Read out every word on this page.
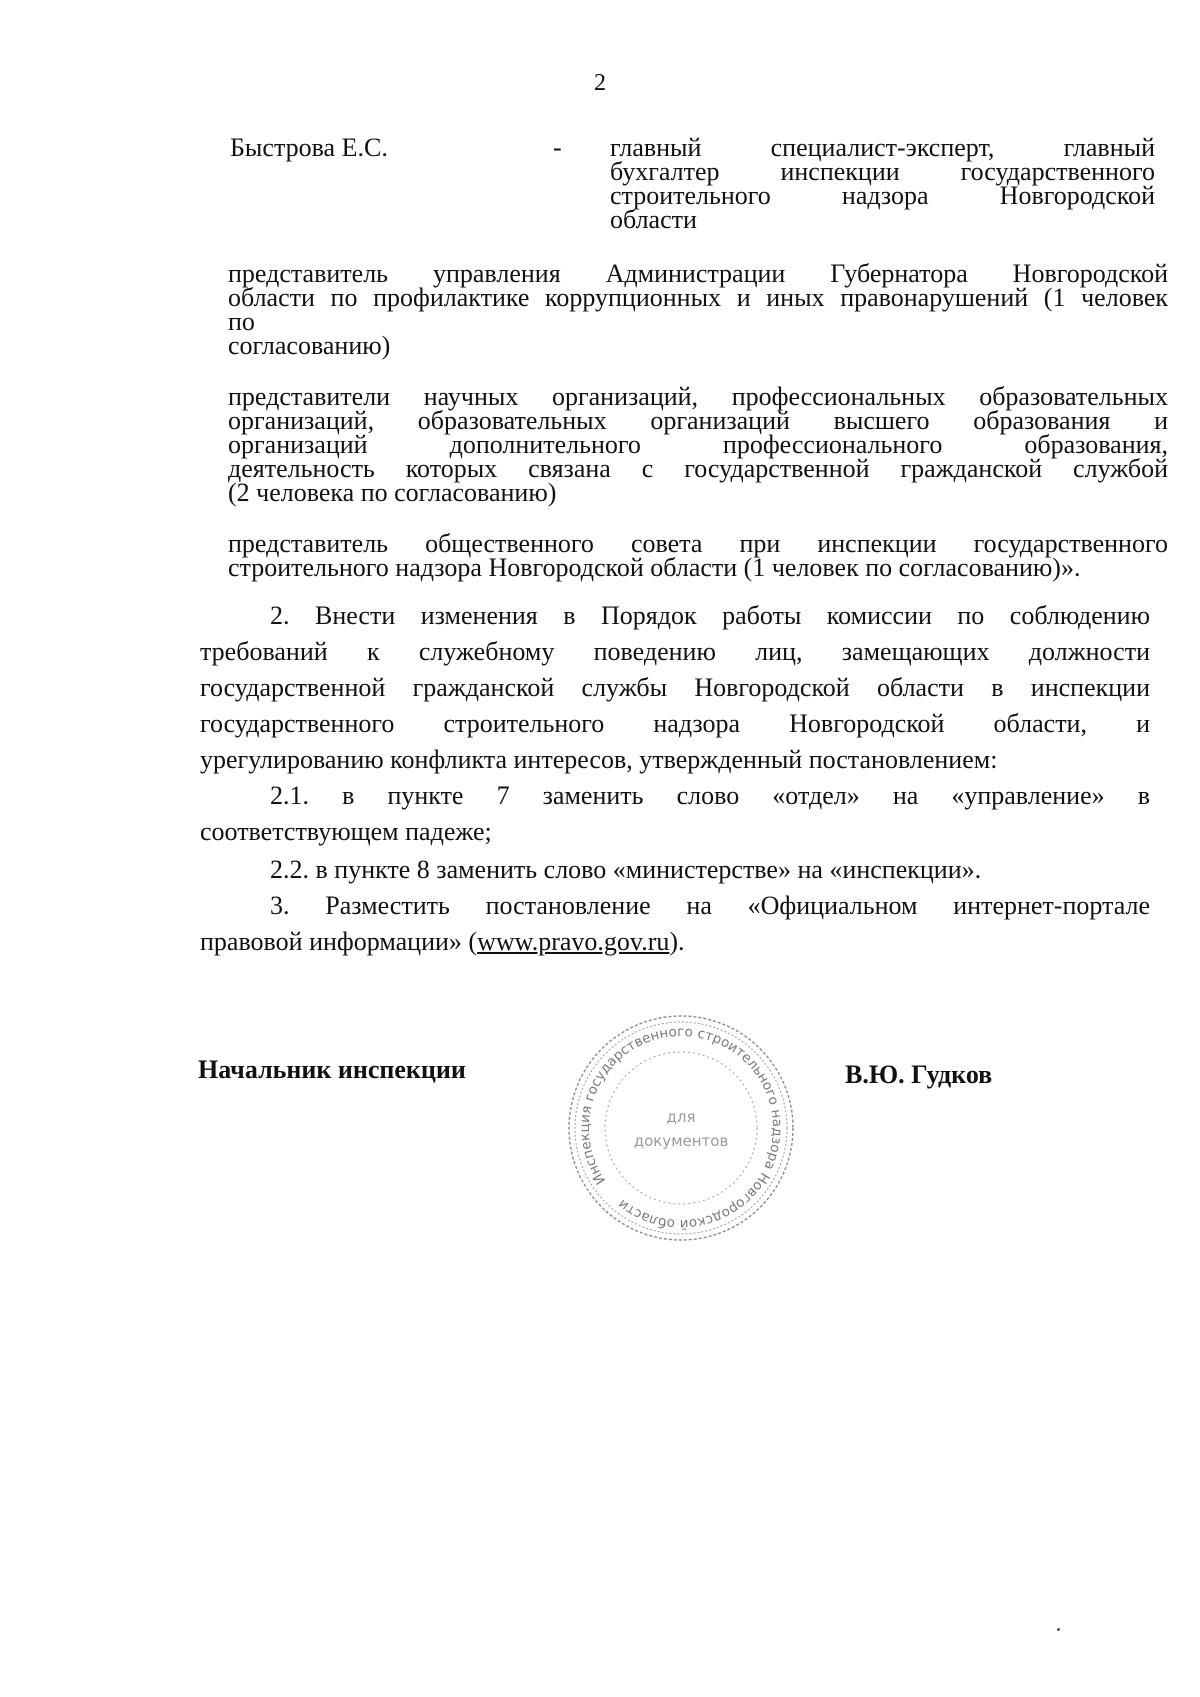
2
Быстрова Е.С.	- главный специалист-эксперт, главный
бухгалтер инспекции государственного
строительного надзора Новгородской
области
представитель управления Администрации Губернатора Новгородской
области по профилактике коррупционных и иных правонарушений (1 человек
по
согласованию)
представители научных организаций, профессиональных образовательных
организаций, образовательных организаций высшего образования и
организаций дополнительного профессионального образования,
деятельность которых связана с государственной гражданской службой
(2 человека по согласованию)
представитель общественного совета при инспекции государственного
строительного надзора Новгородской области (1 человек по согласованию)».
2. Внести изменения в Порядок работы комиссии по соблюдению
требований к служебному поведению лиц, замещающих должности
государственной гражданской службы Новгородской области в инспекции
государственного строительного надзора Новгородской области, и
урегулированию конфликта интересов, утвержденный постановлением:
2.1. в пункте 7 заменить слово «отдел» на «управление» в
соответствующем падеже;
2.2. в пункте 8 заменить слово «министерстве» на «инспекции».
3. Разместить постановление на «Официальном интернет-портале
правовой информации» (www.pravo.gov.ru).
Начальник инспекции
Инспекция государственного строительного надзора Новгородской области
для
документов
В.Ю. Гудков
